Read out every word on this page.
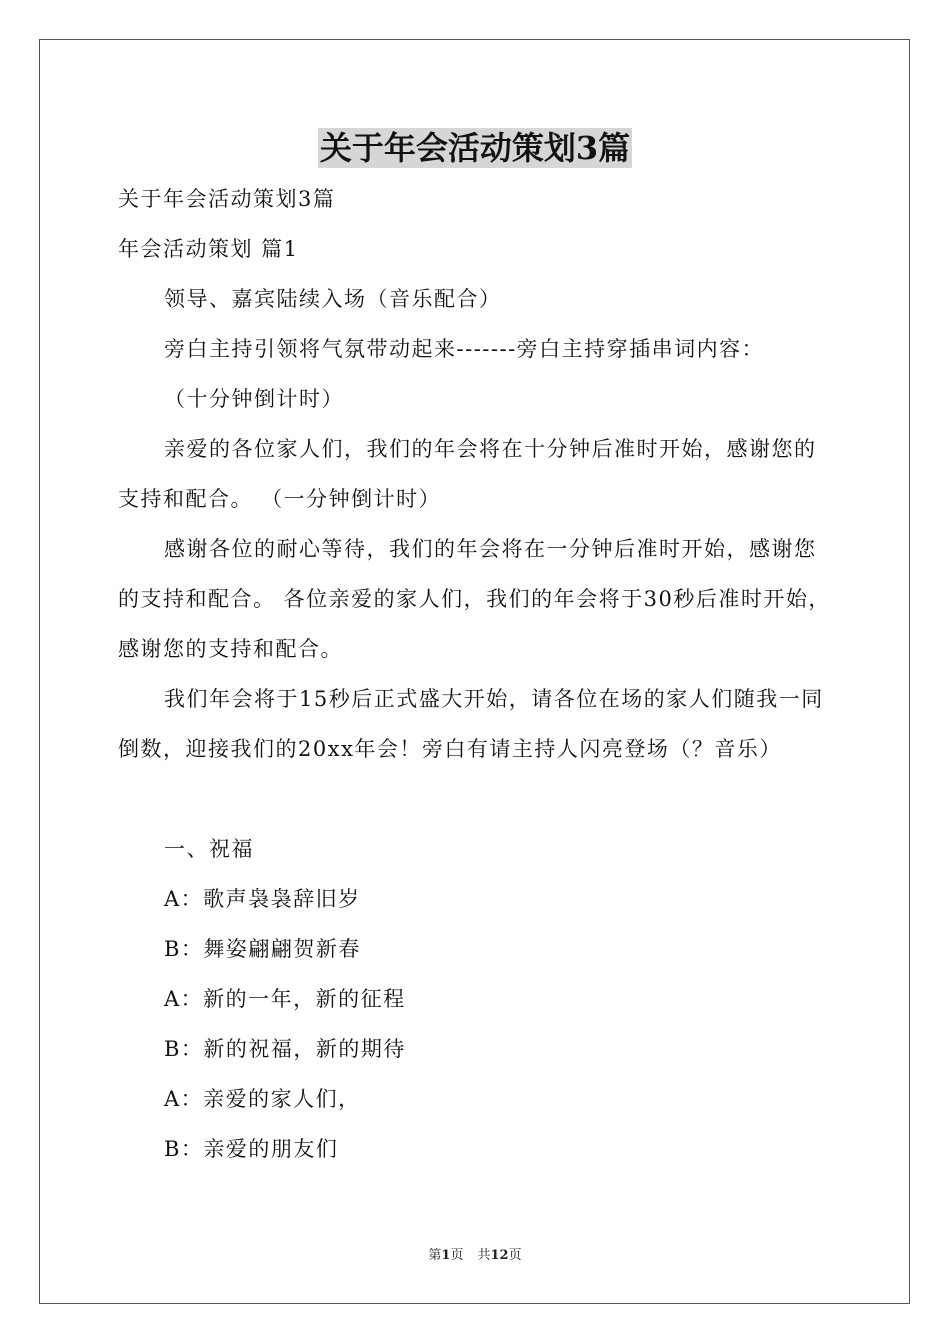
关于年会活动策划3篇

关于年会活动策划3篇

年会活动策划 篇1

领导、嘉宾陆续入场（音乐配合）

旁白主持引领将气氛带动起来-------旁白主持穿插串词内容：

（十分钟倒计时）

亲爱的各位家人们，我们的年会将在十分钟后准时开始，感谢您的支持和配合。 （一分钟倒计时）

感谢各位的耐心等待，我们的年会将在一分钟后准时开始，感谢您的支持和配合。 各位亲爱的家人们，我们的年会将于30秒后准时开始，感谢您的支持和配合。

我们年会将于15秒后正式盛大开始，请各位在场的家人们随我一同倒数，迎接我们的20xx年会！旁白有请主持人闪亮登场（？音乐）

一、祝福

A：歌声袅袅辞旧岁

B：舞姿翩翩贺新春

A：新的一年，新的征程

B：新的祝福，新的期待

A：亲爱的家人们，

B：亲爱的朋友们

第1页 共12页
